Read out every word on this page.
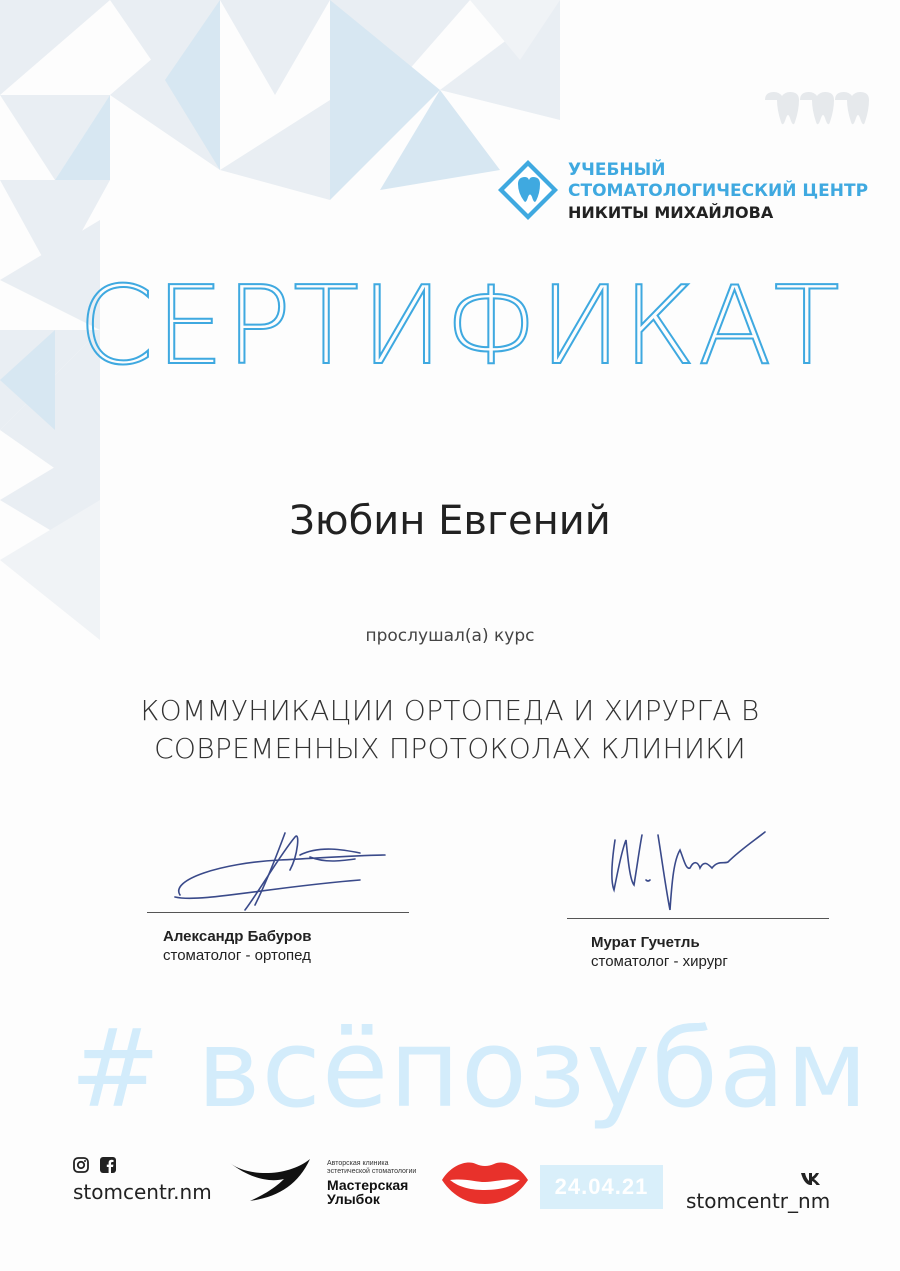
УЧЕБНЫЙ
СТОМАТОЛОГИЧЕСКИЙ ЦЕНТР
НИКИТЫ МИХАЙЛОВА
СЕРТИФИКАТ
Зюбин Евгений
прослушал(а) курс
КОММУНИКАЦИИ ОРТОПЕДА И ХИРУРГА В
СОВРЕМЕННЫХ ПРОТОКОЛАХ КЛИНИКИ
Александр Бабуров
стоматолог - ортопед
Мурат Гучетль
стоматолог - хирург
# всёпозубам
stomcentr.nm
Авторская клиника
эстетической стоматологии
Мастерская
Улыбок	24.04.21
stomcentr_nm
